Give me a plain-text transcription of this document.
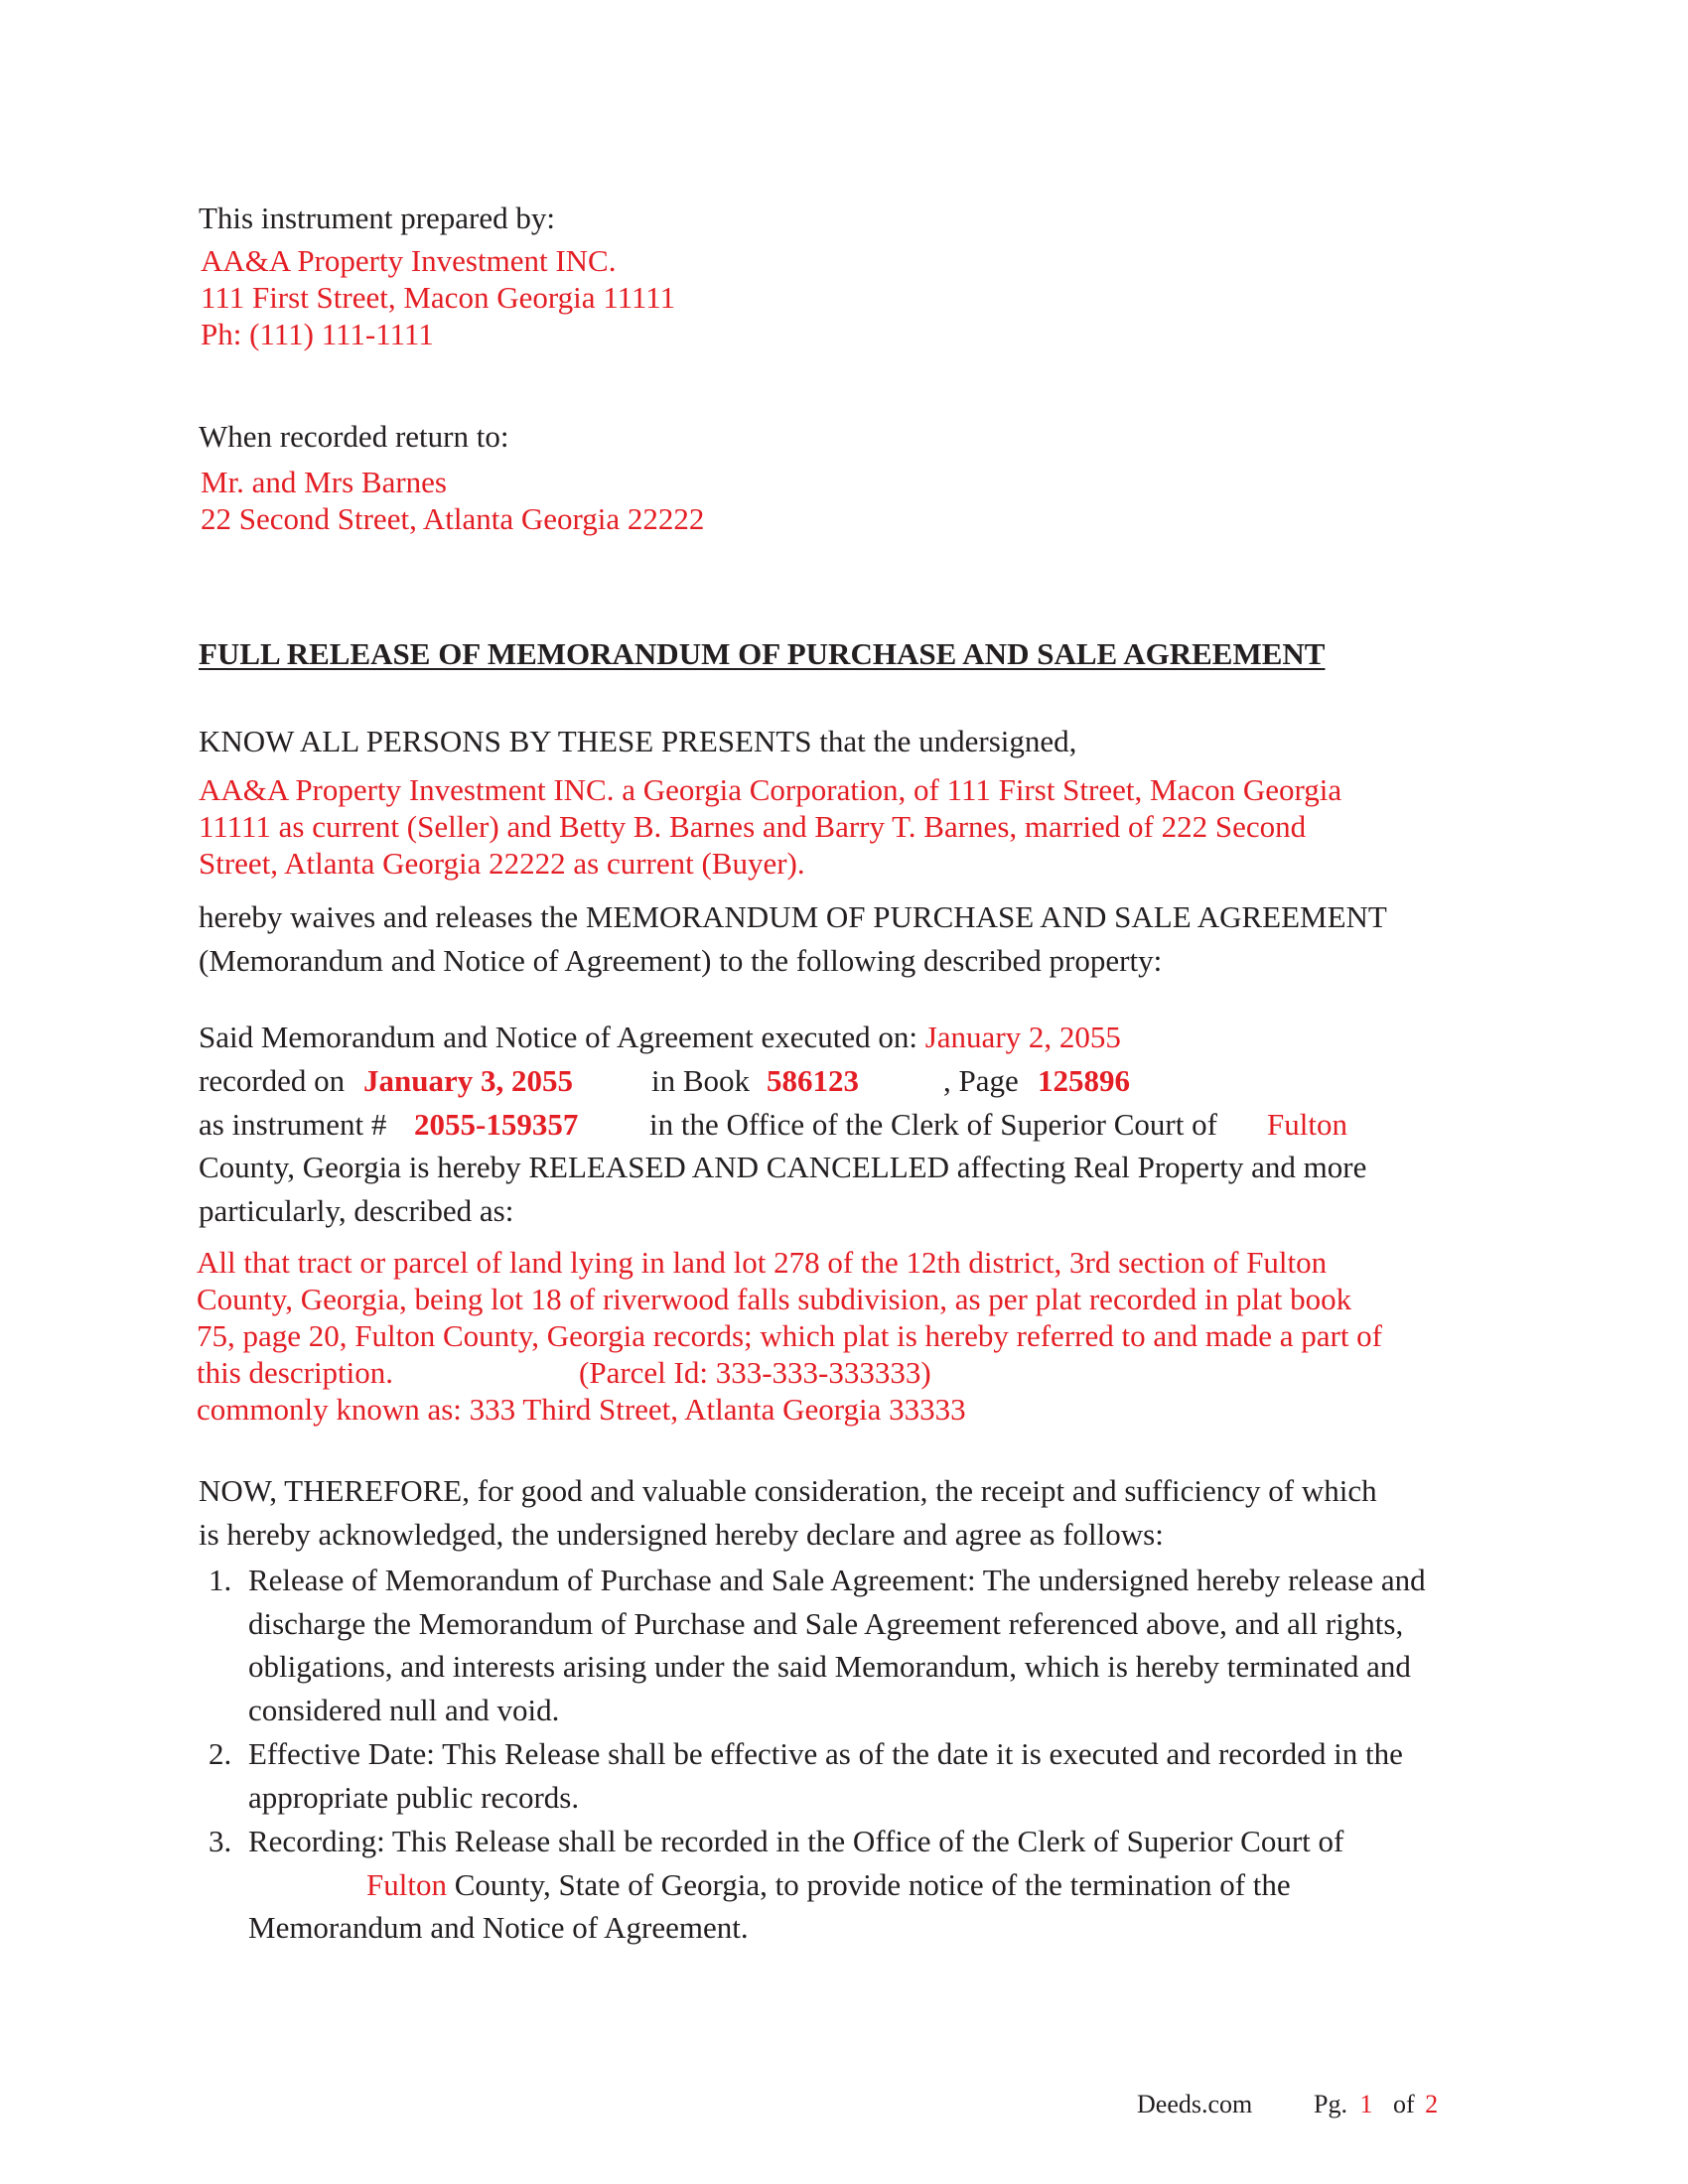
This instrument prepared by:
AA&A Property Investment INC.
111 First Street, Macon Georgia 11111
Ph: (111) 111-1111
When recorded return to:
Mr. and Mrs Barnes
22 Second Street, Atlanta Georgia 22222
FULL RELEASE OF MEMORANDUM OF PURCHASE AND SALE AGREEMENT
KNOW ALL PERSONS BY THESE PRESENTS that the undersigned,
AA&A Property Investment INC. a Georgia Corporation, of 111 First Street, Macon Georgia
11111 as current (Seller) and Betty B. Barnes and Barry T. Barnes, married of 222 Second
Street, Atlanta Georgia 22222 as current (Buyer).
hereby waives and releases the MEMORANDUM OF PURCHASE AND SALE AGREEMENT
(Memorandum and Notice of Agreement) to the following described property:
Said Memorandum and Notice of Agreement executed on: January 2, 2055
recorded on January 3, 2055	in Book 586123	, Page 125896
as instrument # 2055-159357 in the Office of the Clerk of Superior Court of Fulton
County, Georgia is hereby RELEASED AND CANCELLED affecting Real Property and more
particularly, described as:
All that tract or parcel of land lying in land lot 278 of the 12th district, 3rd section of Fulton
County, Georgia, being lot 18 of riverwood falls subdivision, as per plat recorded in plat book
75, page 20, Fulton County, Georgia records; which plat is hereby referred to and made a part of
this description.	(Parcel Id: 333-333-333333)
commonly known as: 333 Third Street, Atlanta Georgia 33333
NOW, THEREFORE, for good and valuable consideration, the receipt and sufficiency of which
is hereby acknowledged, the undersigned hereby declare and agree as follows:
1. Release of Memorandum of Purchase and Sale Agreement: The undersigned hereby release and discharge the Memorandum of Purchase and Sale Agreement referenced above, and all rights, obligations, and interests arising under the said Memorandum, which is hereby terminated and considered null and void.
2. Effective Date: This Release shall be effective as of the date it is executed and recorded in the appropriate public records.
3. Recording: This Release shall be recorded in the Office of the Clerk of Superior Court of
Fulton County, State of Georgia, to provide notice of the termination of the
Memorandum and Notice of Agreement.
Deeds.com Pg. 1 of 2
